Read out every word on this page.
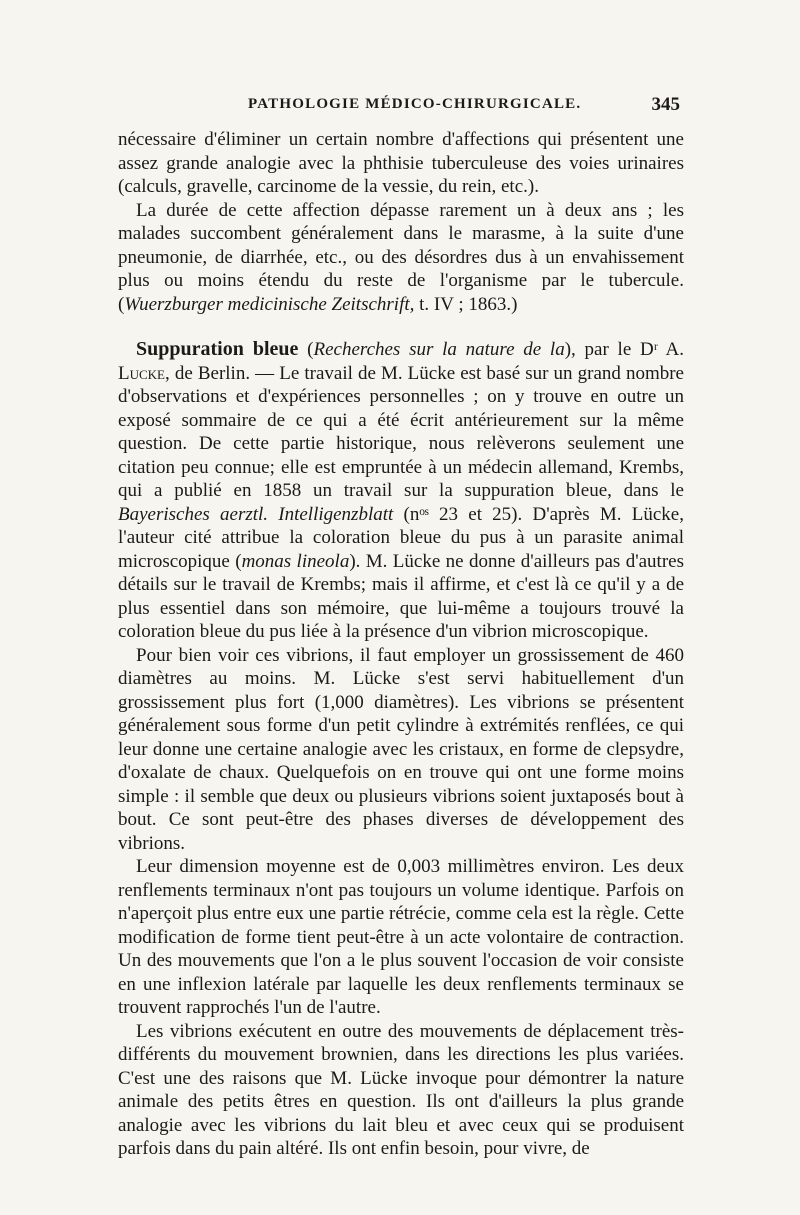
PATHOLOGIE MÉDICO-CHIRURGICALE.	345

nécessaire d'éliminer un certain nombre d'affections qui présentent une assez grande analogie avec la phthisie tuberculeuse des voies urinaires (calculs, gravelle, carcinome de la vessie, du rein, etc.).

La durée de cette affection dépasse rarement un à deux ans ; les malades succombent généralement dans le marasme, à la suite d'une pneumonie, de diarrhée, etc., ou des désordres dus à un envahissement plus ou moins étendu du reste de l'organisme par le tubercule. (Wuerzburger medicinische Zeitschrift, t. IV ; 1863.)

Suppuration bleue (Recherches sur la nature de la), par le Dʳ A. Lucke, de Berlin. — Le travail de M. Lücke est basé sur un grand nombre d'observations et d'expériences personnelles ; on y trouve en outre un exposé sommaire de ce qui a été écrit antérieurement sur la même question. De cette partie historique, nous relèverons seulement une citation peu connue; elle est empruntée à un médecin allemand, Krembs, qui a publié en 1858 un travail sur la suppuration bleue, dans le Bayerisches aerztl. Intelligenzblatt (nᵒˢ 23 et 25). D'après M. Lücke, l'auteur cité attribue la coloration bleue du pus à un parasite animal microscopique (monas lineola). M. Lücke ne donne d'ailleurs pas d'autres détails sur le travail de Krembs; mais il affirme, et c'est là ce qu'il y a de plus essentiel dans son mémoire, que lui-même a toujours trouvé la coloration bleue du pus liée à la présence d'un vibrion microscopique.

Pour bien voir ces vibrions, il faut employer un grossissement de 460 diamètres au moins. M. Lücke s'est servi habituellement d'un grossissement plus fort (1,000 diamètres). Les vibrions se présentent généralement sous forme d'un petit cylindre à extrémités renflées, ce qui leur donne une certaine analogie avec les cristaux, en forme de clepsydre, d'oxalate de chaux. Quelquefois on en trouve qui ont une forme moins simple : il semble que deux ou plusieurs vibrions soient juxtaposés bout à bout. Ce sont peut-être des phases diverses de développement des vibrions.

Leur dimension moyenne est de 0,003 millimètres environ. Les deux renflements terminaux n'ont pas toujours un volume identique. Parfois on n'aperçoit plus entre eux une partie rétrécie, comme cela est la règle. Cette modification de forme tient peut-être à un acte volontaire de contraction. Un des mouvements que l'on a le plus souvent l'occasion de voir consiste en une inflexion latérale par laquelle les deux renflements terminaux se trouvent rapprochés l'un de l'autre.

Les vibrions exécutent en outre des mouvements de déplacement très-différents du mouvement brownien, dans les directions les plus variées. C'est une des raisons que M. Lücke invoque pour démontrer la nature animale des petits êtres en question. Ils ont d'ailleurs la plus grande analogie avec les vibrions du lait bleu et avec ceux qui se produisent parfois dans du pain altéré. Ils ont enfin besoin, pour vivre, de
